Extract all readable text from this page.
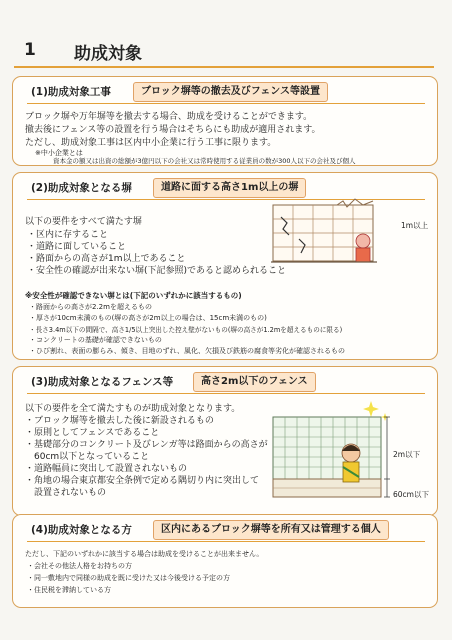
1 助成対象
(1)助成対象工事	ブロック塀等の撤去及びフェンス等設置
ブロック塀や万年塀等を撤去する場合、助成を受けることができます。
撤去後にフェンス等の設置を行う場合はそちらにも助成が適用されます。
ただし、助成対象工事は区内中小企業に行う工事に限ります。
※中小企業とは
資本金の額又は出資の総額が3億円以下の会社又は常時使用する従業員の数が300人以下の会社及び個人
(2)助成対象となる塀	道路に面する高さ1m以上の塀
以下の要件をすべて満たす塀
・区内に存すること
・道路に面していること
・路面からの高さが1m以上であること
・安全性の確認が出来ない塀(下記参照)であると認められること
1m以上
※安全性が確認できない塀とは(下記のいずれかに該当するもの)
・路面からの高さが2.2mを超えるもの
・厚さが10cm未満のもの(塀の高さが2m以上の場合は、15cm未満のもの)
・長さ3.4m以下の間隔で、高さ1/5以上突出した控え壁がないもの(塀の高さが1.2mを超えるものに限る)
・コンクリートの基礎が確認できないもの
・ひび割れ、表面の膨らみ、傾き、目地のずれ、風化、欠損及び鉄筋の腐食等劣化が確認されるもの
(3)助成対象となるフェンス等	高さ2m以下のフェンス
以下の要件を全て満たすものが助成対象となります。
・ブロック塀等を撤去した後に新設されるもの
・原則としてフェンスであること
・基礎部分のコンクリート及びレンガ等は路面からの高さが
　60cm以下となっていること
・道路幅員に突出して設置されないもの
・角地の場合東京都安全条例で定める隅切り内に突出して
　設置されないもの
2m以下
60cm以下
(4)助成対象となる方	区内にあるブロック塀等を所有又は管理する個人
ただし、下記のいずれかに該当する場合は助成を受けることが出来ません。
・会社その他法人格をお持ちの方
・同一敷地内で同様の助成を既に受けた又は今後受ける予定の方
・住民税を滞納している方
